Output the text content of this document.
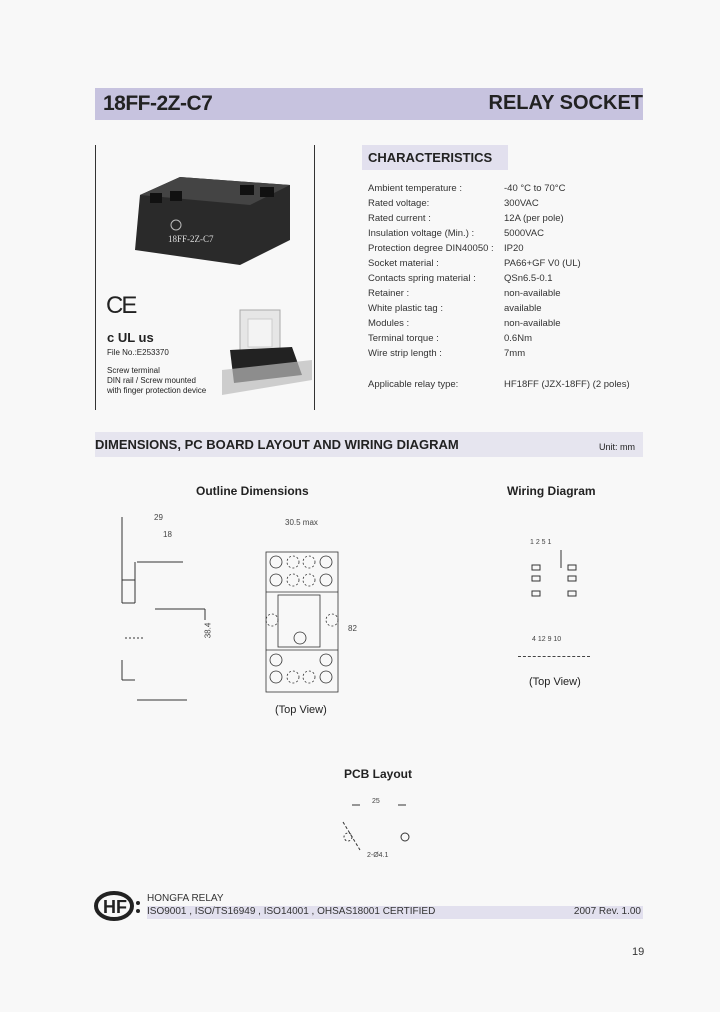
18FF-2Z-C7	RELAY SOCKET
18FF-2Z-C7
CE
c UL us
File No.:E253370
Screw terminal
DIN rail / Screw mounted
with finger protection device
CHARACTERISTICS
Ambient temperature :	-40 °C to 70°C
Rated voltage:	300VAC
Rated current :	12A (per pole)
Insulation voltage (Min.) :	5000VAC
Protection degree DIN40050 : IP20
Socket material :	PA66+GF V0 (UL)
Contacts spring material :	QSn6.5-0.1
Retainer :	non-available
White plastic tag :	available
Modules :	non-available
Terminal torque :	0.6Nm
Wire strip length :	7mm
Applicable relay type:	HF18FF (JZX-18FF) (2 poles)
DIMENSIONS, PC BOARD LAYOUT AND WIRING DIAGRAM	Unit: mm
Outline Dimensions	Wiring Diagram
29
18
38.4
30.5 max
82
(Top View)
1 2 5 1
4 12 9 10
(Top View)
PCB Layout
25
2-Ø4.1
HF HONGFA RELAY
ISO9001 , ISO/TS16949 , ISO14001 , OHSAS18001 CERTIFIED	2007 Rev. 1.00
19
